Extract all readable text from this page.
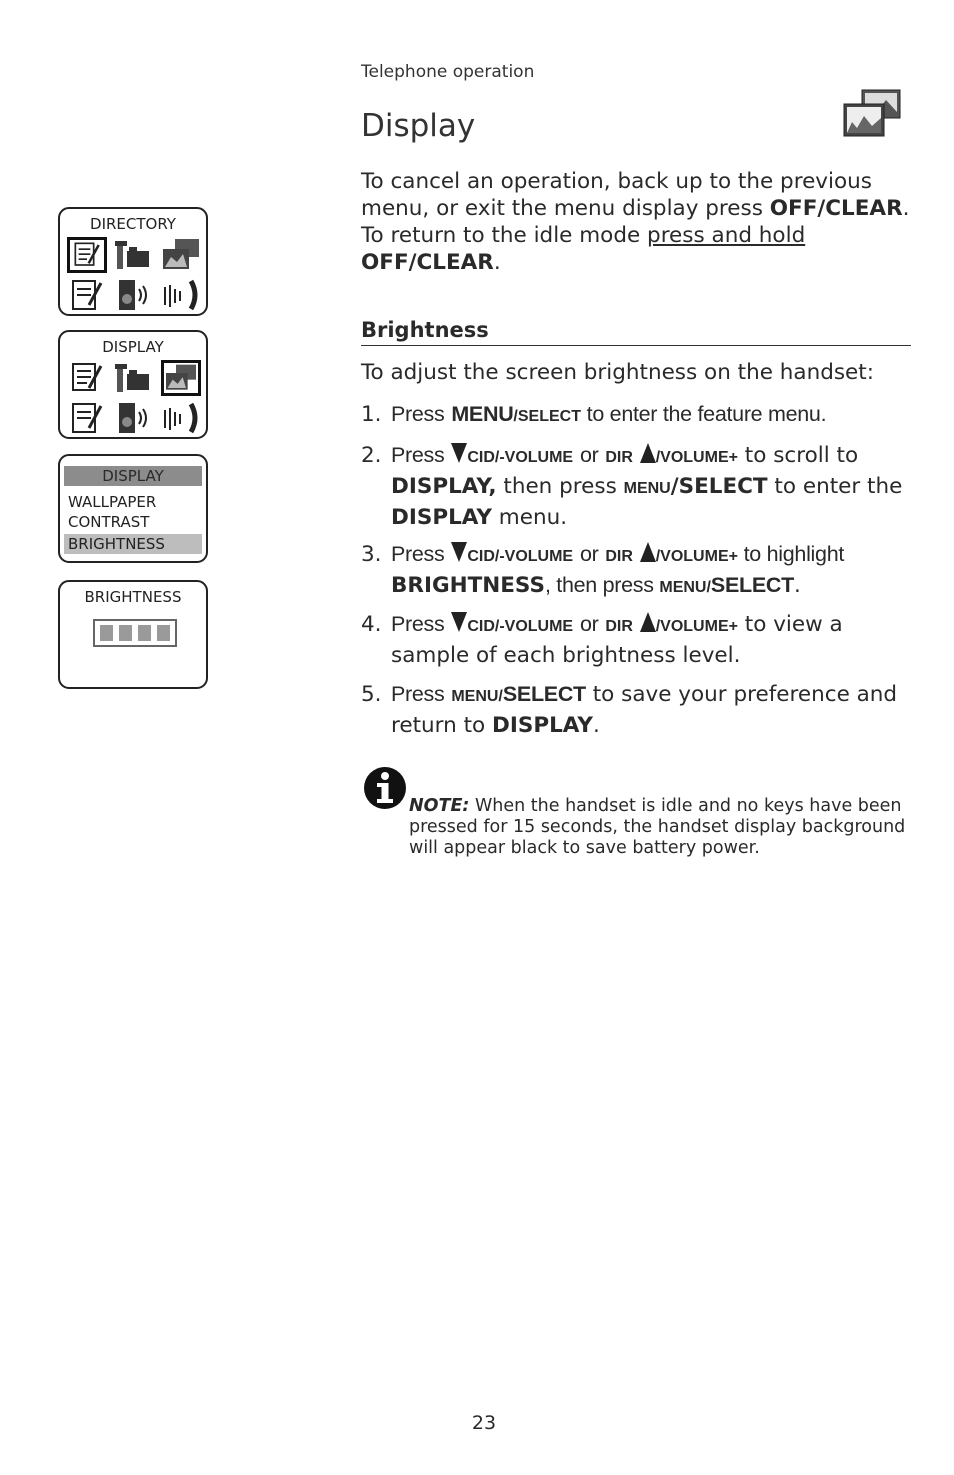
Telephone operation
Display
To cancel an operation, back up to the previous menu, or exit the menu display press OFF/CLEAR. To return to the idle mode press and hold
OFF/CLEAR.
Brightness
To adjust the screen brightness on the handset:
1. Press MENU/SELECT to enter the feature menu.
2. Press CID/-VOLUME or DIR /VOLUME+ to scroll to DISPLAY, then press MENU/SELECT to enter the DISPLAY menu.
3. Press CID/-VOLUME or DIR /VOLUME+ to highlight BRIGHTNESS, then press MENU/SELECT.
4. Press CID/-VOLUME or DIR /VOLUME+ to view a sample of each brightness level.
5. Press MENU/SELECT to save your preference and return to DISPLAY.
NOTE: When the handset is idle and no keys have been pressed for 15 seconds, the handset display background will appear black to save battery power.
DIRECTORY
DISPLAY
DISPLAY
WALLPAPER
CONTRAST
BRIGHTNESS
BRIGHTNESS
23
